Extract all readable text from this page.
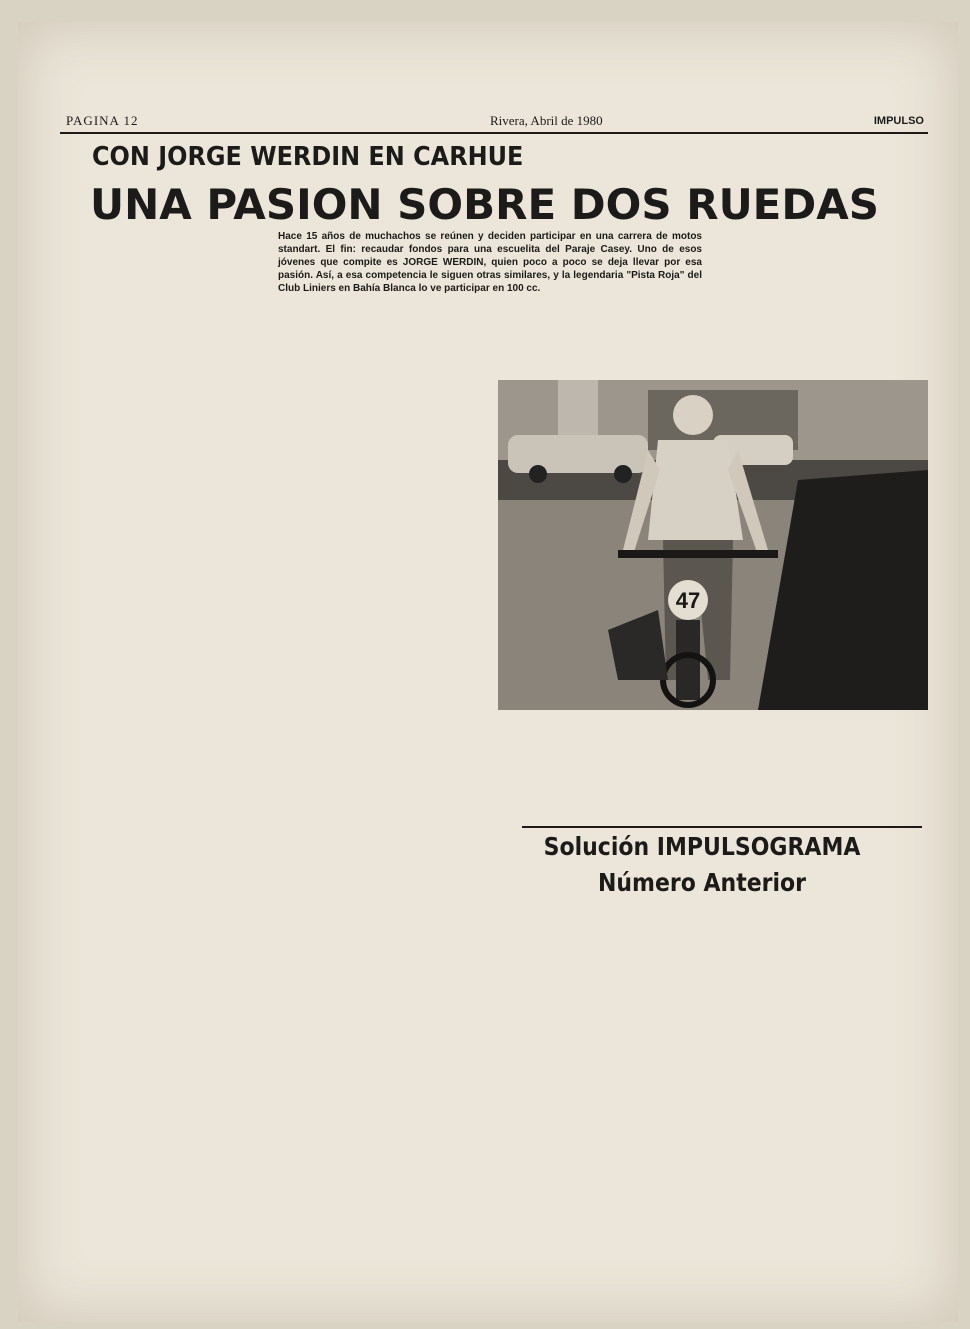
PAGINA 12	Rivera, Abril de 1980	IMPULSO
CON JORGE WERDIN EN CARHUE
UNA PASION SOBRE DOS RUEDAS
Hace 15 años de muchachos se reúnen y deciden participar en una carrera de motos standart. El fin: recaudar fondos para una escuelita del Paraje Casey. Uno de esos jóvenes que compite es JORGE WERDIN, quien poco a poco se deja llevar por esa pasión. Así, a esa competencia le siguen otras similares, y la legendaria "Pista Roja" del Club Liniers en Bahía Blanca lo ve participar en 100 cc.
47
Solución IMPULSOGRAMA
Número Anterior
